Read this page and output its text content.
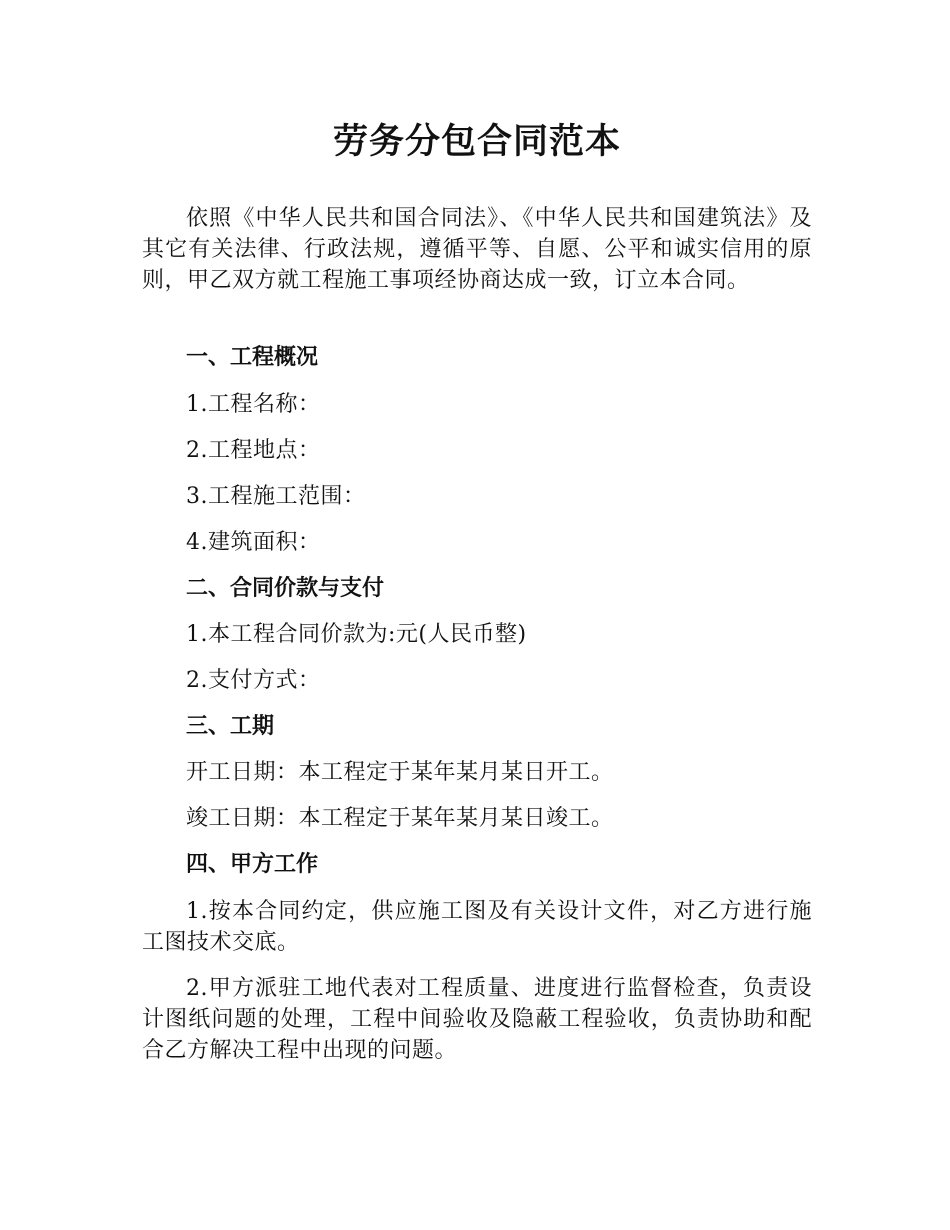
劳务分包合同范本

依照《中华人民共和国合同法》、《中华人民共和国建筑法》及其它有关法律、行政法规，遵循平等、自愿、公平和诚实信用的原则，甲乙双方就工程施工事项经协商达成一致，订立本合同。

一、工程概况

1.工程名称：

2.工程地点：

3.工程施工范围：

4.建筑面积：

二、合同价款与支付

1.本工程合同价款为:元(人民币整)

2.支付方式：

三、工期

开工日期：本工程定于某年某月某日开工。

竣工日期：本工程定于某年某月某日竣工。

四、甲方工作

1.按本合同约定，供应施工图及有关设计文件，对乙方进行施工图技术交底。

2.甲方派驻工地代表对工程质量、进度进行监督检查，负责设计图纸问题的处理，工程中间验收及隐蔽工程验收，负责协助和配合乙方解决工程中出现的问题。
